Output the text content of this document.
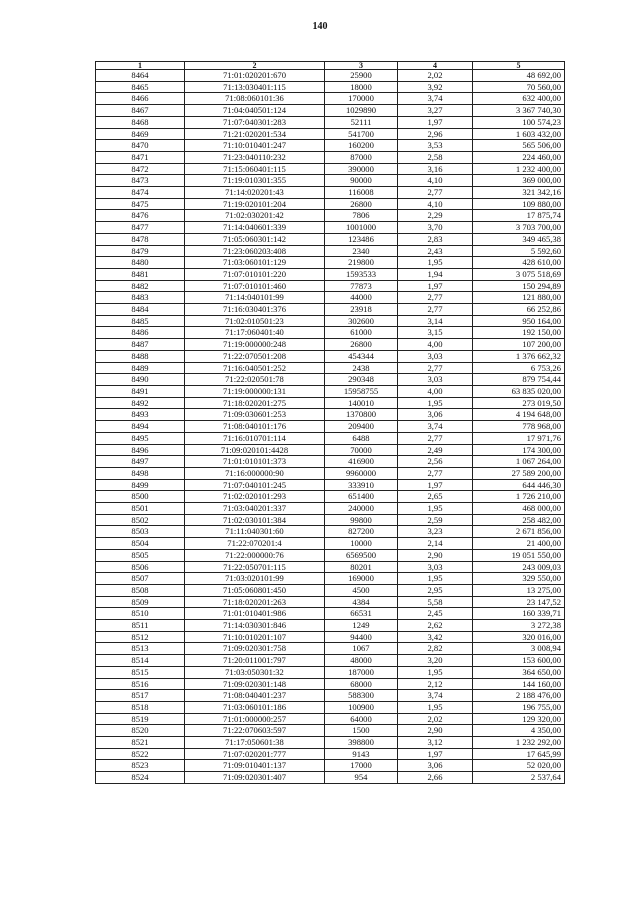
140
1	2	3	4	5
8464	71:01:020201:670	25900	2,02	48 692,00
8465	71:13:030401:115	18000	3,92	70 560,00
8466	71:08:060101:36	170000	3,74	632 400,00
8467	71:04:040501:124	1029890	3,27	3 367 740,30
8468	71:07:040301:283	52111	1,97	100 574,23
8469	71:21:020201:534	541700	2,96	1 603 432,00
8470	71:10:010401:247	160200	3,53	565 506,00
8471	71:23:040110:232	87000	2,58	224 460,00
8472	71:15:060401:115	390000	3,16	1 232 400,00
8473	71:19:010301:355	90000	4,10	369 000,00
8474	71:14:020201:43	116008	2,77	321 342,16
8475	71:19:020101:204	26800	4,10	109 880,00
8476	71:02:030201:42	7806	2,29	17 875,74
8477	71:14:040601:339	1001000	3,70	3 703 700,00
8478	71:05:060301:142	123486	2,83	349 465,38
8479	71:23:060203:408	2340	2,43	5 592,60
8480	71:03:060101:129	219800	1,95	428 610,00
8481	71:07:010101:220	1593533	1,94	3 075 518,69
8482	71:07:010101:460	77873	1,97	150 294,89
8483	71:14:040101:99	44000	2,77	121 880,00
8484	71:16:030401:376	23918	2,77	66 252,86
8485	71:02:010501:23	302600	3,14	950 164,00
8486	71:17:060401:40	61000	3,15	192 150,00
8487	71:19:000000:248	26800	4,00	107 200,00
8488	71:22:070501:208	454344	3,03	1 376 662,32
8489	71:16:040501:252	2438	2,77	6 753,26
8490	71:22:020501:78	290348	3,03	879 754,44
8491	71:19:000000:131	15958755	4,00	63 835 020,00
8492	71:18:020201:275	140010	1,95	273 019,50
8493	71:09:030601:253	1370800	3,06	4 194 648,00
8494	71:08:040101:176	209400	3,74	778 968,00
8495	71:16:010701:114	6488	2,77	17 971,76
8496	71:09:020101:4428	70000	2,49	174 300,00
8497	71:01:010101:373	416900	2,56	1 067 264,00
8498	71:16:000000:90	9960000	2,77	27 589 200,00
8499	71:07:040101:245	333910	1,97	644 446,30
8500	71:02:020101:293	651400	2,65	1 726 210,00
8501	71:03:040201:337	240000	1,95	468 000,00
8502	71:02:030101:384	99800	2,59	258 482,00
8503	71:11:040301:60	827200	3,23	2 671 856,00
8504	71:22:070201:4	10000	2,14	21 400,00
8505	71:22:000000:76	6569500	2,90	19 051 550,00
8506	71:22:050701:115	80201	3,03	243 009,03
8507	71:03:020101:99	169000	1,95	329 550,00
8508	71:05:060801:450	4500	2,95	13 275,00
8509	71:18:020201:263	4384	5,58	23 147,52
8510	71:01:010401:986	66531	2,45	160 339,71
8511	71:14:030301:846	1249	2,62	3 272,38
8512	71:10:010201:107	94400	3,42	320 016,00
8513	71:09:020301:758	1067	2,82	3 008,94
8514	71:20:011001:797	48000	3,20	153 600,00
8515	71:03:050301:32	187000	1,95	364 650,00
8516	71:09:020301:148	68000	2,12	144 160,00
8517	71:08:040401:237	588300	3,74	2 188 476,00
8518	71:03:060101:186	100900	1,95	196 755,00
8519	71:01:000000:257	64000	2,02	129 320,00
8520	71:22:070603:597	1500	2,90	4 350,00
8521	71:17:050601:38	398800	3,12	1 232 292,00
8522	71:07:020201:777	9143	1,97	17 645,99
8523	71:09:010401:137	17000	3,06	52 020,00
8524	71:09:020301:407	954	2,66	2 537,64
